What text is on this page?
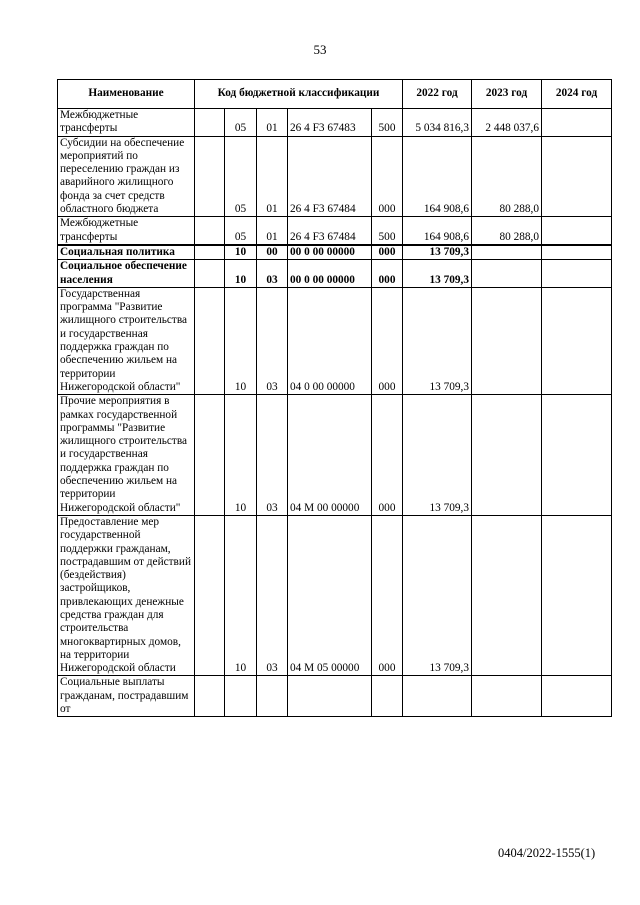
53
Наименование	Код бюджетной классификации					2022 год	2023 год	2024 год
Межбюджетные трансферты		05	01	26 4 F3 67483	500	5 034 816,3	2 448 037,6	
Субсидии на обеспечение мероприятий по переселению граждан из аварийного жилищного фонда за счет средств областного бюджета		05	01	26 4 F3 67484	000	164 908,6	80 288,0	
Межбюджетные трансферты		05	01	26 4 F3 67484	500	164 908,6	80 288,0	
Социальная политика		10	00	00 0 00 00000	000	13 709,3		
Социальное обеспечение населения		10	03	00 0 00 00000	000	13 709,3		
Государственная программа "Развитие жилищного строительства и государственная поддержка граждан по обеспечению жильем на территории Нижегородской области"		10	03	04 0 00 00000	000	13 709,3		
Прочие мероприятия в рамках государственной программы "Развитие жилищного строительства и государственная поддержка граждан по обеспечению жильем на территории Нижегородской области"		10	03	04 М 00 00000	000	13 709,3		
Предоставление мер государственной поддержки гражданам, пострадавшим от действий (бездействия) застройщиков, привлекающих денежные средства граждан для строительства многоквартирных домов, на территории Нижегородской области		10	03	04 М 05 00000	000	13 709,3		
Социальные выплаты гражданам, пострадавшим от								
0404/2022-1555(1)
